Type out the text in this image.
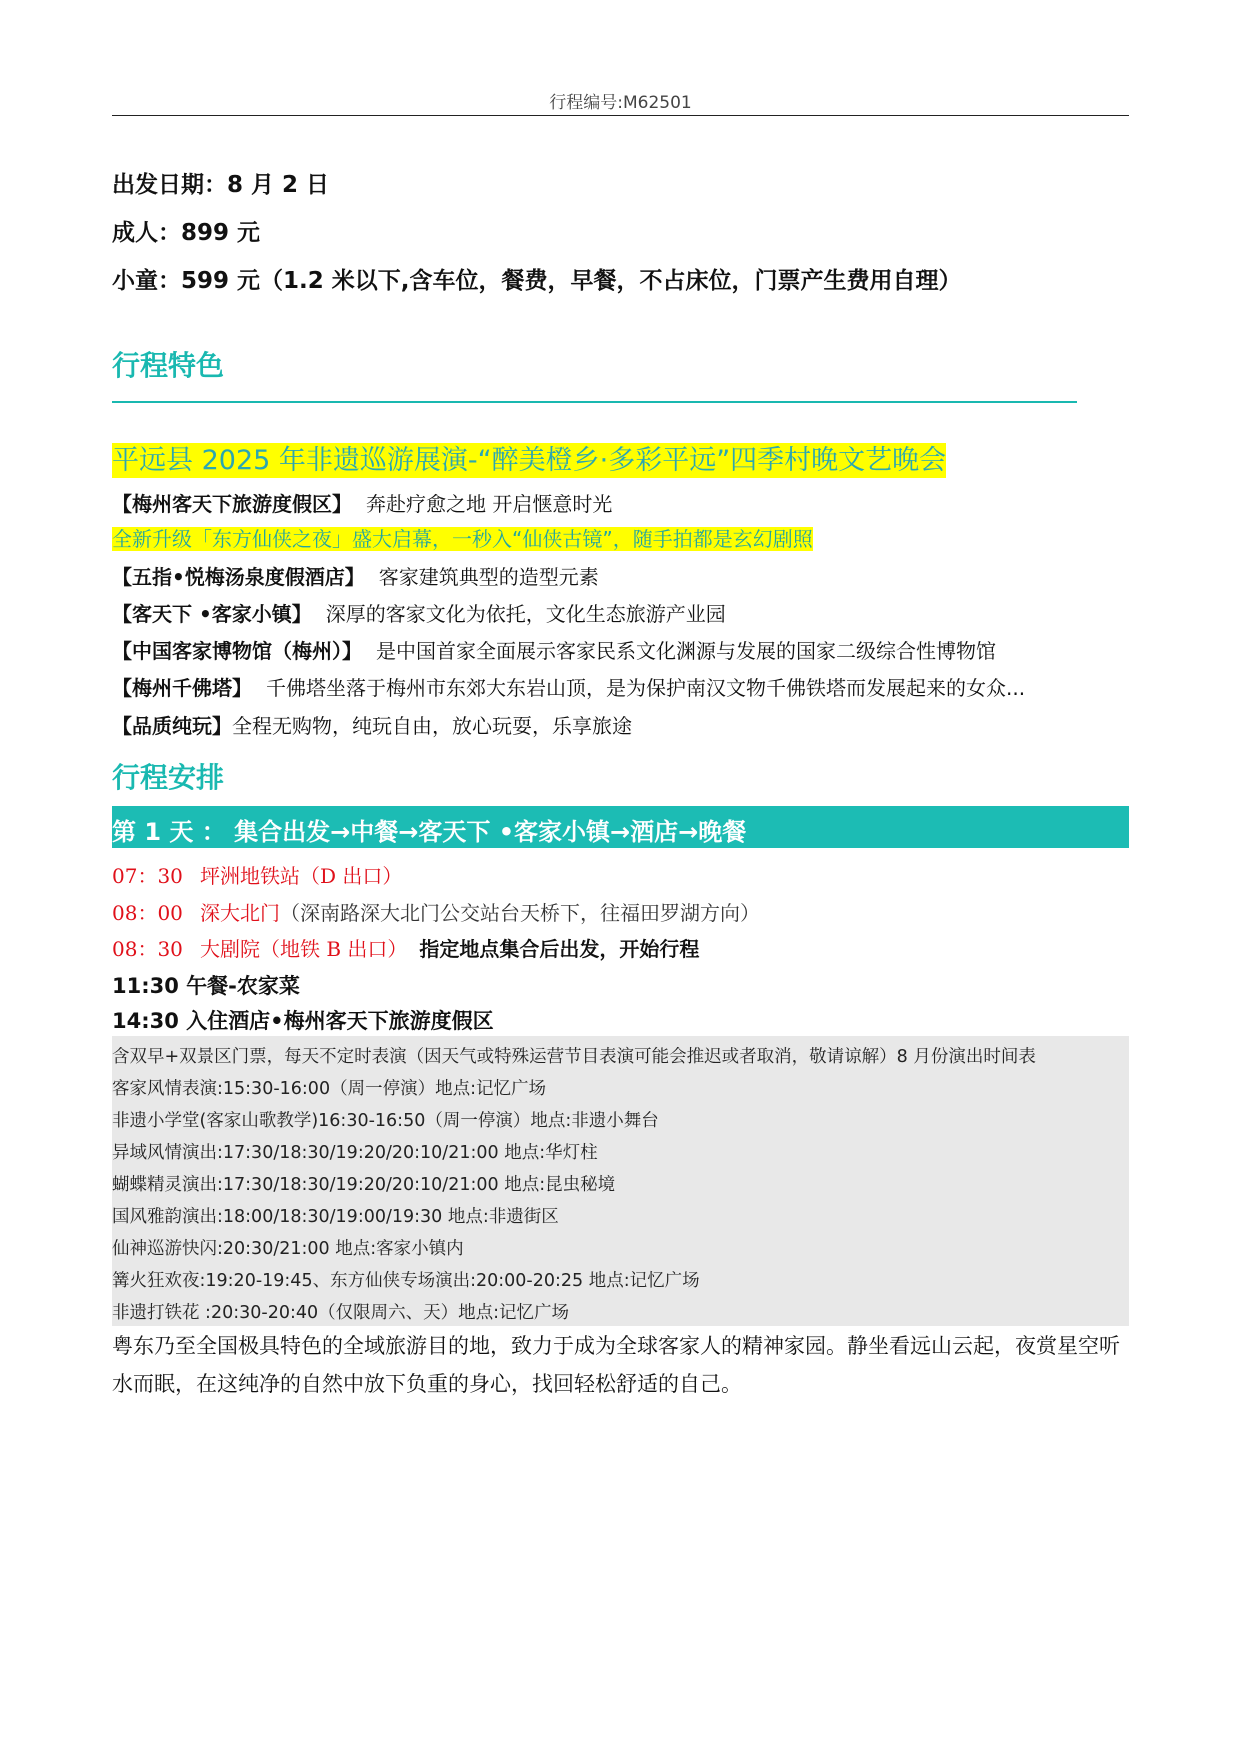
行程编号:M62501
出发日期：8 月 2 日
成人：899 元
小童：599 元（1.2 米以下,含车位，餐费，早餐，不占床位，门票产生费用自理）
行程特色
平远县 2025 年非遗巡游展演-“醉美橙乡·多彩平远”四季村晚文艺晚会
【梅州客天下旅游度假区】 奔赴疗愈之地 开启惬意时光
全新升级「东方仙侠之夜」盛大启幕，一秒入“仙侠古镜”，随手拍都是玄幻剧照
【五指•悦梅汤泉度假酒店】 客家建筑典型的造型元素
【客天下 •客家小镇】 深厚的客家文化为依托，文化生态旅游产业园
【中国客家博物馆（梅州）】 是中国首家全面展示客家民系文化渊源与发展的国家二级综合性博物馆
【梅州千佛塔】 千佛塔坐落于梅州市东郊大东岩山顶，是为保护南汉文物千佛铁塔而发展起来的女众...
【品质纯玩】全程无购物，纯玩自由，放心玩耍，乐享旅途
行程安排
第 1 天 ： 集合出发→中餐→客天下 •客家小镇→酒店→晚餐
07：30 坪洲地铁站（D 出口）
08：00 深大北门（深南路深大北门公交站台天桥下，往福田罗湖方向）
08：30 大剧院（地铁 B 出口） 指定地点集合后出发，开始行程
11:30 午餐-农家菜
14:30 入住酒店•梅州客天下旅游度假区
含双早+双景区门票，每天不定时表演（因天气或特殊运营节目表演可能会推迟或者取消，敬请谅解）8 月份演出时间表
客家风情表演:15:30-16:00（周一停演）地点:记忆广场
非遗小学堂(客家山歌教学)16:30-16:50（周一停演）地点:非遗小舞台
异域风情演出:17:30/18:30/19:20/20:10/21:00 地点:华灯柱
蝴蝶精灵演出:17:30/18:30/19:20/20:10/21:00 地点:昆虫秘境
国风雅韵演出:18:00/18:30/19:00/19:30 地点:非遗街区
仙神巡游快闪:20:30/21:00 地点:客家小镇内
篝火狂欢夜:19:20-19:45、东方仙侠专场演出:20:00-20:25 地点:记忆广场
非遗打铁花 :20:30-20:40（仅限周六、天）地点:记忆广场
粤东乃至全国极具特色的全域旅游目的地，致力于成为全球客家人的精神家园。静坐看远山云起，夜赏星空听水而眠，在这纯净的自然中放下负重的身心，找回轻松舒适的自己。
